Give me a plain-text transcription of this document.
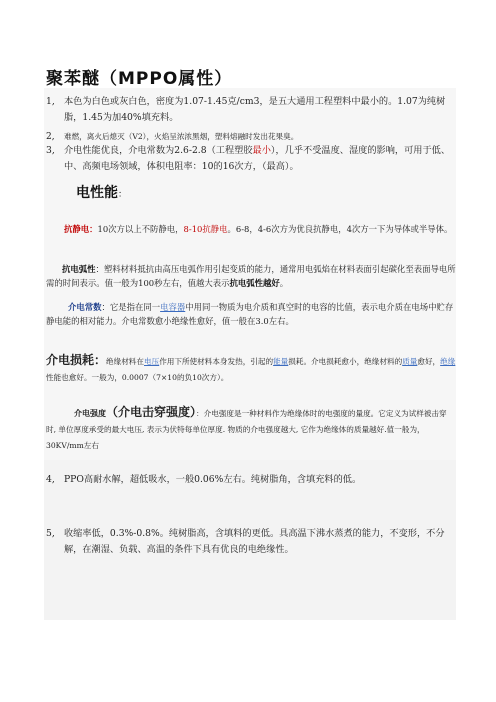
聚苯醚（MPPO属性）
1, 本色为白色或灰白色，密度为1.07-1.45克/cm3，是五大通用工程塑料中最小的。1.07为纯树脂，1.45为加40%填充料。
2, 难燃，离火后熄灭（V2），火焰呈浓浓黑烟，塑料熔融时发出花果臭。
3, 介电性能优良，介电常数为2.6-2.8（工程塑胶最小），几乎不受温度、湿度的影响，可用于低、中、高频电场领域，体积电阻率：10的16次方，（最高）。
电性能：
抗静电：10次方以上不防静电，8-10抗静电。6-8，4-6次方为优良抗静电，4次方一下为导体或半导体。
抗电弧性：塑料材料抵抗由高压电弧作用引起变质的能力，通常用电弧焰在材料表面引起碳化至表面导电所需的时间表示。值一般为100秒左右，值越大表示抗电弧性越好。
介电常数：它是指在同一电容器中用同一物质为电介质和真空时的电容的比值，表示电介质在电场中贮存静电能的相对能力。介电常数愈小绝缘性愈好，值一般在3.0左右。
介电损耗：绝缘材料在电压作用下所使材料本身发热，引起的能量损耗。介电损耗愈小，绝缘材料的质量愈好，绝缘性能也愈好。一般为，0.0007（7×10的负10次方）。
介电强度（介电击穿强度）：介电强度是一种材料作为绝缘体时的电强度的量度。它定义为试样被击穿时, 单位厚度承受的最大电压, 表示为伏特每单位厚度. 物质的介电强度越大, 它作为绝缘体的质量越好.值一般为，30KV/mm左右
4, PPO高耐水解，超低吸水，一般0.06%左右。纯树脂角，含填充料的低。
5, 收缩率低，0.3%-0.8%。纯树脂高，含填料的更低。具高温下沸水蒸煮的能力，不变形，不分解，在潮湿、负载、高温的条件下具有优良的电绝缘性。
